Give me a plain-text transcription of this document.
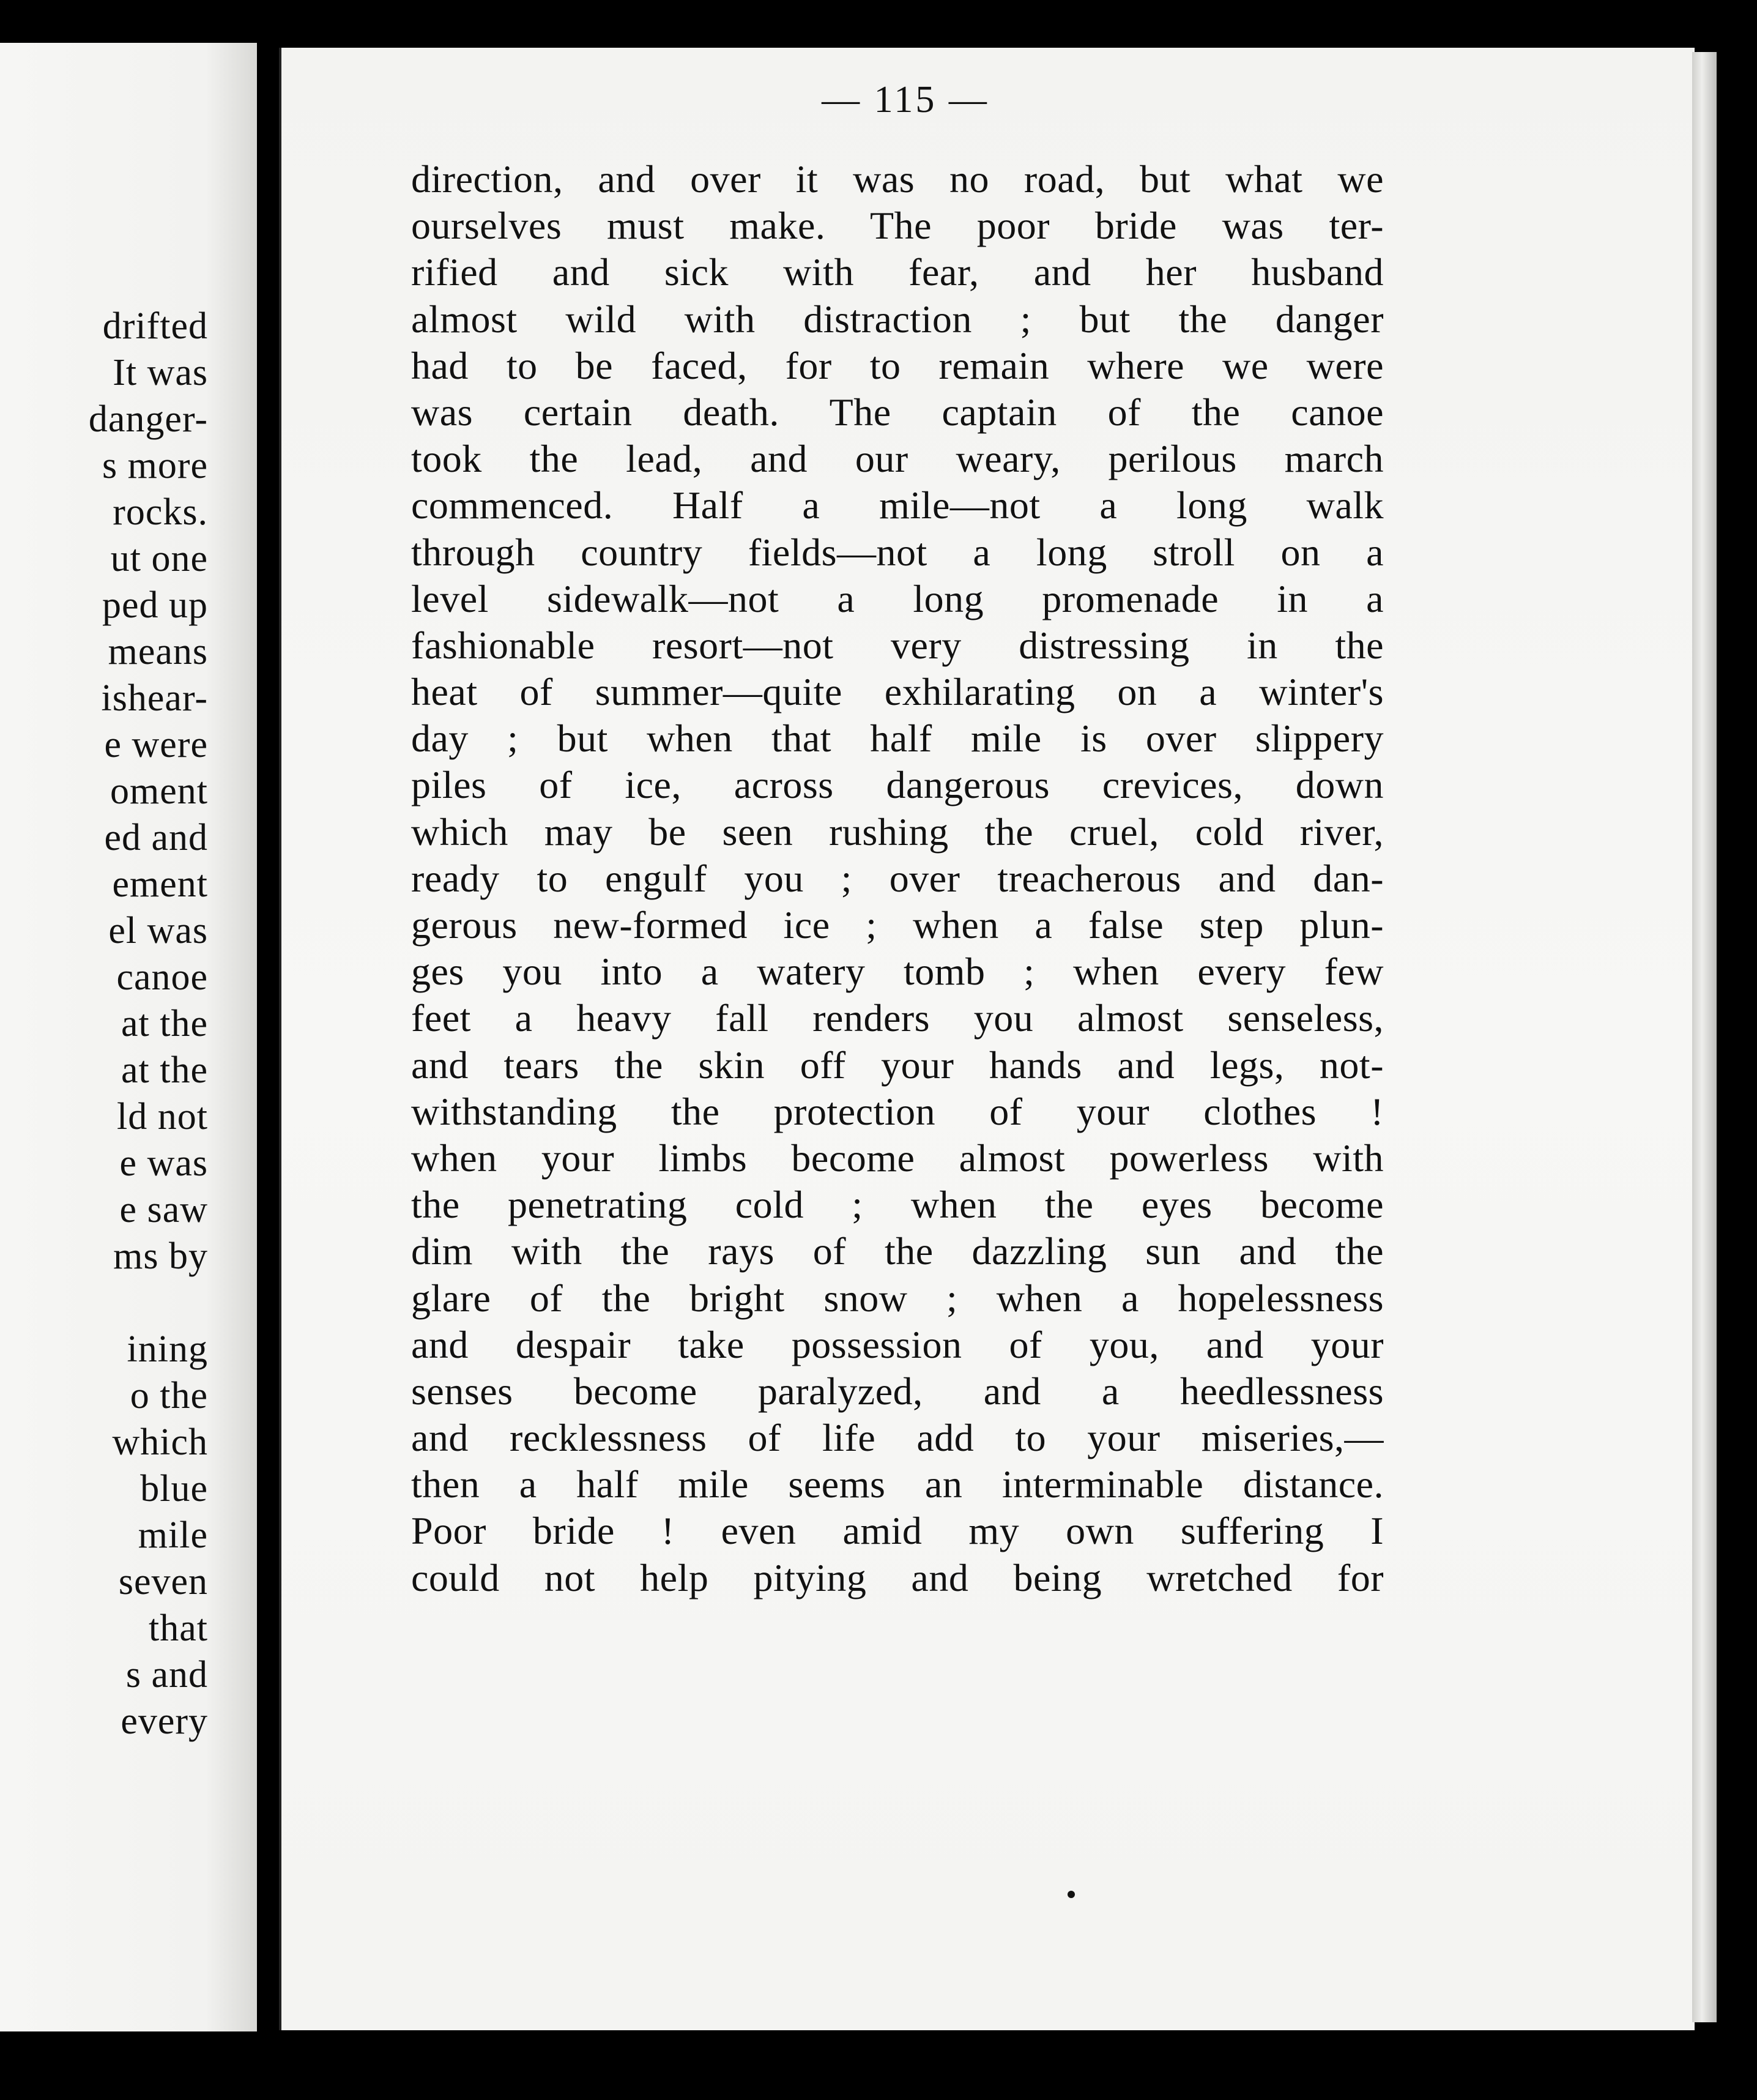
drifted
It was
danger-
s more
rocks.
ut one
ped up
means
ishear-
e were
oment
ed and
ement
el was
canoe
at the
at the
ld not
e was
e saw
ms by
ining
o the
which
blue
mile
seven
that
s and
every
— 115 —
direction, and over it was no road, but what we
ourselves must make. The poor bride was ter-
rified and sick with fear, and her husband
almost wild with distraction ; but the danger
had to be faced, for to remain where we were
was certain death. The captain of the canoe
took the lead, and our weary, perilous march
commenced. Half a mile—not a long walk
through country fields—not a long stroll on a
level sidewalk—not a long promenade in a
fashionable resort—not very distressing in the
heat of summer—quite exhilarating on a winter's
day ; but when that half mile is over slippery
piles of ice, across dangerous crevices, down
which may be seen rushing the cruel, cold river,
ready to engulf you ; over treacherous and dan-
gerous new-formed ice ; when a false step plun-
ges you into a watery tomb ; when every few
feet a heavy fall renders you almost senseless,
and tears the skin off your hands and legs, not-
withstanding the protection of your clothes !
when your limbs become almost powerless with
the penetrating cold ; when the eyes become
dim with the rays of the dazzling sun and the
glare of the bright snow ; when a hopelessness
and despair take possession of you, and your
senses become paralyzed, and a heedlessness
and recklessness of life add to your miseries,—
then a half mile seems an interminable distance.
Poor bride ! even amid my own suffering I
could not help pitying and being wretched for
